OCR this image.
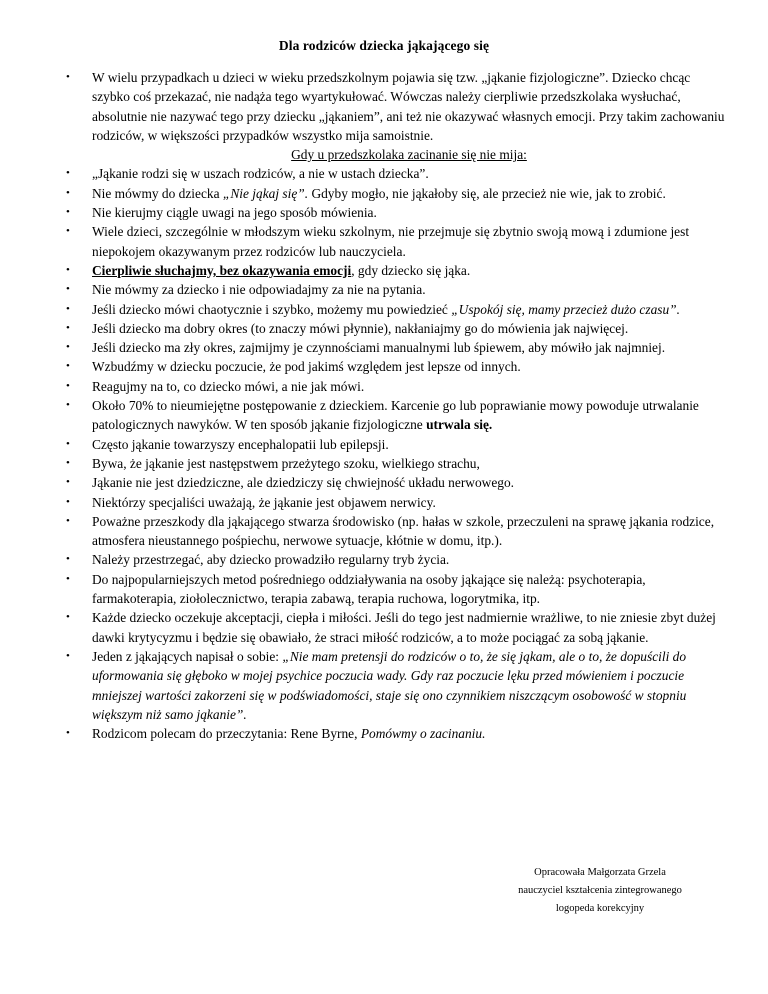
Dla rodziców dziecka jąkającego się
• W wielu przypadkach u dzieci w wieku przedszkolnym pojawia się tzw. „jąkanie fizjologiczne”. Dziecko chcąc szybko coś przekazać, nie nadąża tego wyartykułować. Wówczas należy cierpliwie przedszkolaka wysłuchać, absolutnie nie nazywać tego przy dziecku „jąkaniem”, ani też nie okazywać własnych emocji. Przy takim zachowaniu rodziców, w większości przypadków wszystko mija samoistnie.
Gdy u przedszkolaka zacinanie się nie mija:
• „Jąkanie rodzi się w uszach rodziców, a nie w ustach dziecka”.
• Nie mówmy do dziecka „Nie jąkaj się”. Gdyby mogło, nie jąkałoby się, ale przecież nie wie, jak to zrobić.
• Nie kierujmy ciągle uwagi na jego sposób mówienia.
• Wiele dzieci, szczególnie w młodszym wieku szkolnym, nie przejmuje się zbytnio swoją mową i zdumione jest niepokojem okazywanym przez rodziców lub nauczyciela.
• Cierpliwie słuchajmy, bez okazywania emocji, gdy dziecko się jąka.
• Nie mówmy za dziecko i nie odpowiadajmy za nie na pytania.
• Jeśli dziecko mówi chaotycznie i szybko, możemy mu powiedzieć „Uspokój się, mamy przecież dużo czasu”.
• Jeśli dziecko ma dobry okres (to znaczy mówi płynnie), nakłaniajmy go do mówienia jak najwięcej.
• Jeśli dziecko ma zły okres, zajmijmy je czynnościami manualnymi lub śpiewem, aby mówiło jak najmniej.
• Wzbudźmy w dziecku poczucie, że pod jakimś względem jest lepsze od innych.
• Reagujmy na to, co dziecko mówi, a nie jak mówi.
• Około 70% to nieumiejętne postępowanie z dzieckiem. Karcenie go lub poprawianie mowy powoduje utrwalanie patologicznych nawyków. W ten sposób jąkanie fizjologiczne utrwala się.
• Często jąkanie towarzyszy encephalopatii lub epilepsji.
• Bywa, że jąkanie jest następstwem przeżytego szoku, wielkiego strachu,
• Jąkanie nie jest dziedziczne, ale dziedziczy się chwiejność układu nerwowego.
• Niektórzy specjaliści uważają, że jąkanie jest objawem nerwicy.
• Poważne przeszkody dla jąkającego stwarza środowisko (np. hałas w szkole, przeczuleni na sprawę jąkania rodzice, atmosfera nieustannego pośpiechu, nerwowe sytuacje, kłótnie w domu, itp.).
• Należy przestrzegać, aby dziecko prowadziło regularny tryb życia.
• Do najpopularniejszych metod pośredniego oddziaływania na osoby jąkające się należą: psychoterapia, farmakoterapia, ziołolecznictwo, terapia zabawą, terapia ruchowa, logorytmika, itp.
• Każde dziecko oczekuje akceptacji, ciepła i miłości. Jeśli do tego jest nadmiernie wrażliwe, to nie zniesie zbyt dużej dawki krytycyzmu i będzie się obawiało, że straci miłość rodziców, a to może pociągać za sobą jąkanie.
• Jeden z jąkających napisał o sobie: „Nie mam pretensji do rodziców o to, że się jąkam, ale o to, że dopuścili do uformowania się głęboko w mojej psychice poczucia wady. Gdy raz poczucie lęku przed mówieniem i poczucie mniejszej wartości zakorzeni się w podświadomości, staje się ono czynnikiem niszczącym osobowość w stopniu większym niż samo jąkanie”.
• Rodzicom polecam do przeczytania: Rene Byrne, Pomówmy o zacinaniu.
Opracowała Małgorzata Grzela
nauczyciel kształcenia zintegrowanego
logopeda korekcyjny
